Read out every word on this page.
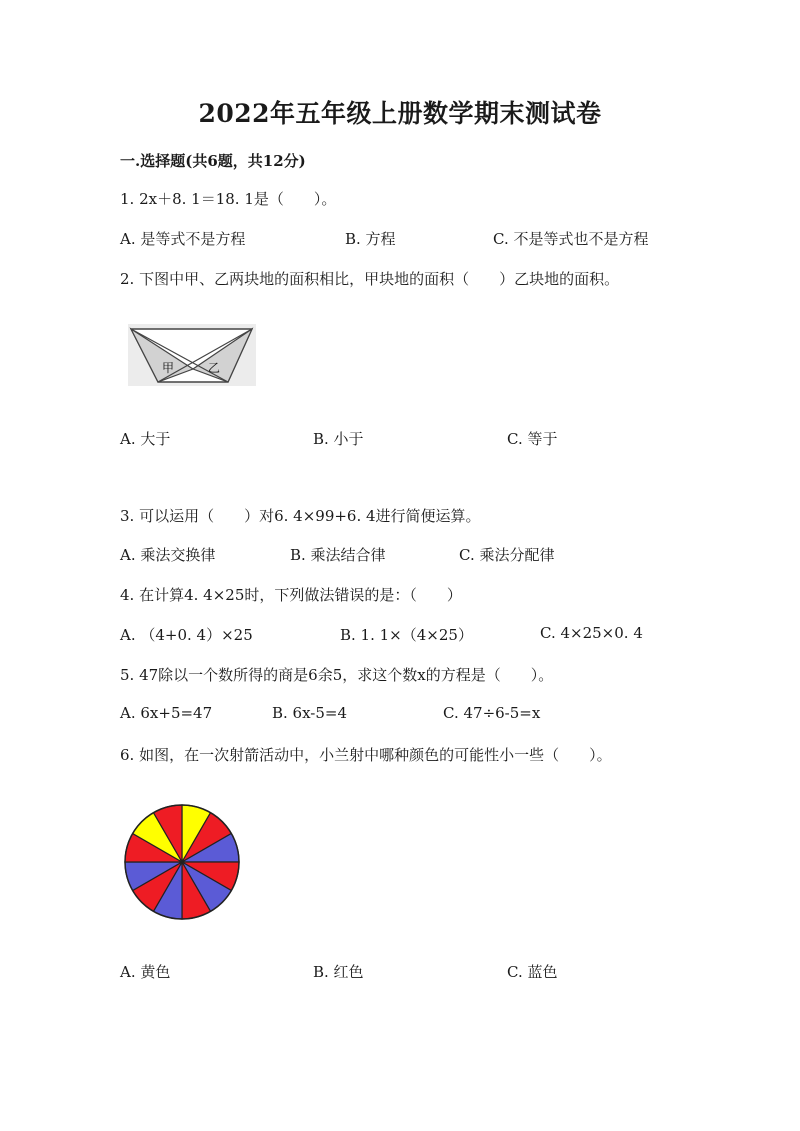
2022年五年级上册数学期末测试卷
一.选择题(共6题，共12分)
1. 2x＋8. 1＝18. 1是（　　）。
A. 是等式不是方程	B. 方程	C. 不是等式也不是方程
2. 下图中甲、乙两块地的面积相比，甲块地的面积（　　）乙块地的面积。
甲	乙
A. 大于	B. 小于	C. 等于
3. 可以运用（　　）对6. 4×99+6. 4进行简便运算。
A. 乘法交换律	B. 乘法结合律	C. 乘法分配律
4. 在计算4. 4×25时，下列做法错误的是：（　　）
A. （4+0. 4）×25	B. 1. 1×（4×25）	C. 4×25×0. 4
5. 47除以一个数所得的商是6余5，求这个数x的方程是（　　）。
A. 6x+5=47	B. 6x-5=4	C. 47÷6-5=x
6. 如图，在一次射箭活动中，小兰射中哪种颜色的可能性小一些（　　）。
A. 黄色	B. 红色	C. 蓝色
